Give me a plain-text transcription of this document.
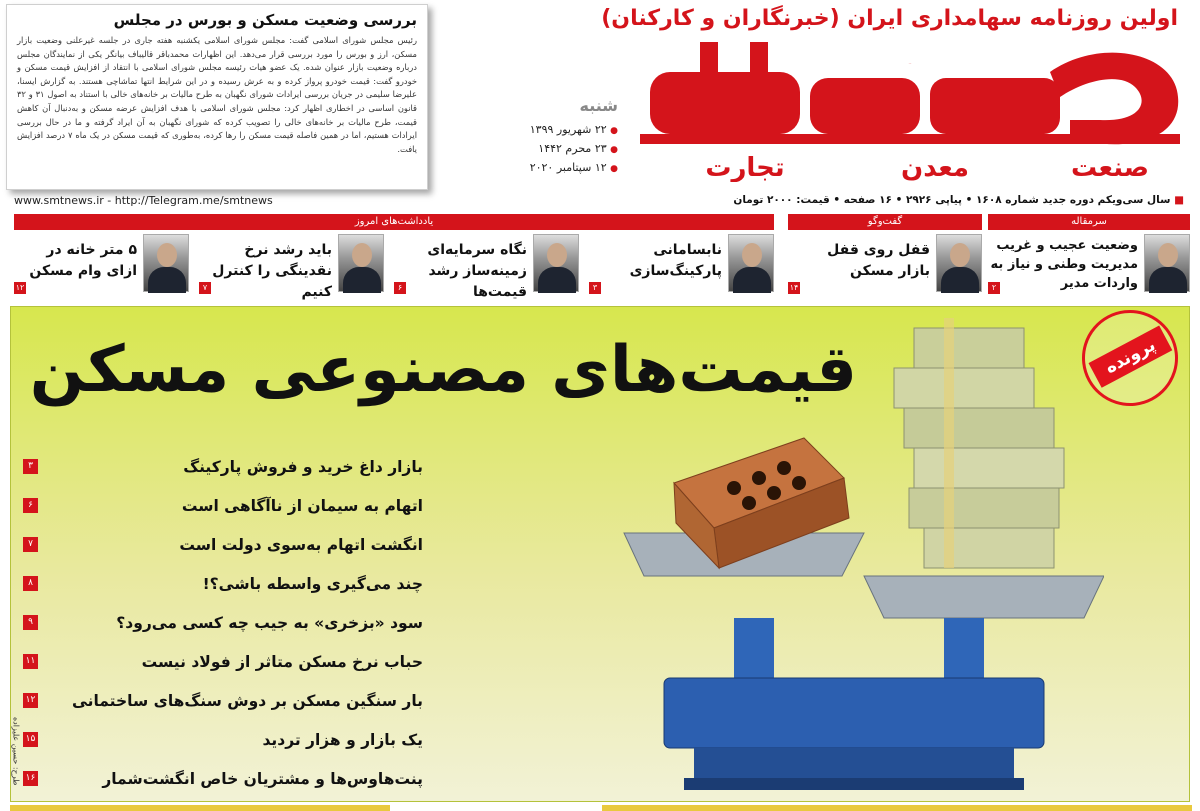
بررسی وضعیت مسکن و بورس در مجلس
رئیس مجلس شورای اسلامی گفت: مجلس شورای اسلامی یکشنبه هفته جاری در جلسه غیرعلنی وضعیت بازار مسکن، ارز و بورس را مورد بررسی قرار می‌دهد. این اظهارات محمدباقر قالیباف بیانگر یکی از نمایندگان مجلس درباره وضعیت بازار عنوان شده. یک عضو هیات رئیسه مجلس شورای اسلامی با انتقاد از افزایش قیمت مسکن و خودرو گفت: قیمت خودرو پرواز کرده و به عرش رسیده و در این شرایط انتها تماشاچی هستند. به گزارش ایسنا، علیرضا سلیمی در جریان بررسی ایرادات شورای نگهبان به طرح مالیات بر خانه‌های خالی با استناد به اصول ۳۱ و ۳۲ قانون اساسی در اخطاری اظهار کرد: مجلس شورای اسلامی با هدف افزایش عرضه مسکن و به‌دنبال آن کاهش قیمت، طرح مالیات بر خانه‌های خالی را تصویب کرده که شورای نگهبان به آن ایراد گرفته و ما در حال بررسی ایرادات هستیم، اما در همین فاصله قیمت مسکن را رها کرده، به‌طوری که قیمت مسکن در یک ماه ۷ درصد افزایش یافت.
اولین روزنامه سهامداری ایران (خبرنگاران و کارکنان)
صمت
صنعت
معدن
تجارت
شنبه
● ۲۲ شهریور ۱۳۹۹
● ۲۳ محرم ۱۴۴۲
● ۱۲ سپتامبر ۲۰۲۰
■ سال سی‌ویکم دوره جدید شماره ۱۶۰۸ • پیاپی ۲۹۲۶ • ۱۶ صفحه • قیمت: ۲۰۰۰ تومان
www.smtnews.ir - http://Telegram.me/smtnews
سرمقاله
گفت‌وگو
یادداشت‌های امروز
وضعیت عجیب و غریب مدیریت وطنی و نیاز به واردات مدیر
۲
قفل روی قفل بازار مسکن
۱۴
نابسامانی پارکینگ‌سازی
۳
نگاه سرمایه‌ای زمینه‌ساز رشد قیمت‌ها
۶
باید رشد نرخ نقدینگی را کنترل کنیم
۷
۵ متر خانه در ازای وام مسکن
۱۲
قیمت‌های مصنوعی مسکن
۳	بازار داغ خرید و فروش پارکینگ
۶	اتهام به سیمان از ناآگاهی است
۷	انگشت اتهام به‌سوی دولت است
۸	چند می‌گیری واسطه باشی؟!
۹	سود «بزخری» به جیب چه کسی می‌رود؟
۱۱	حباب نرخ مسکن متاثر از فولاد نیست
۱۲	بار سنگین مسکن بر دوش سنگ‌های ساختمانی
۱۵	یک بازار و هزار تردید
۱۶	پنت‌هاوس‌ها و مشتریان خاص انگشت‌شمار
پرونده
طرح: حسین علیزاده
